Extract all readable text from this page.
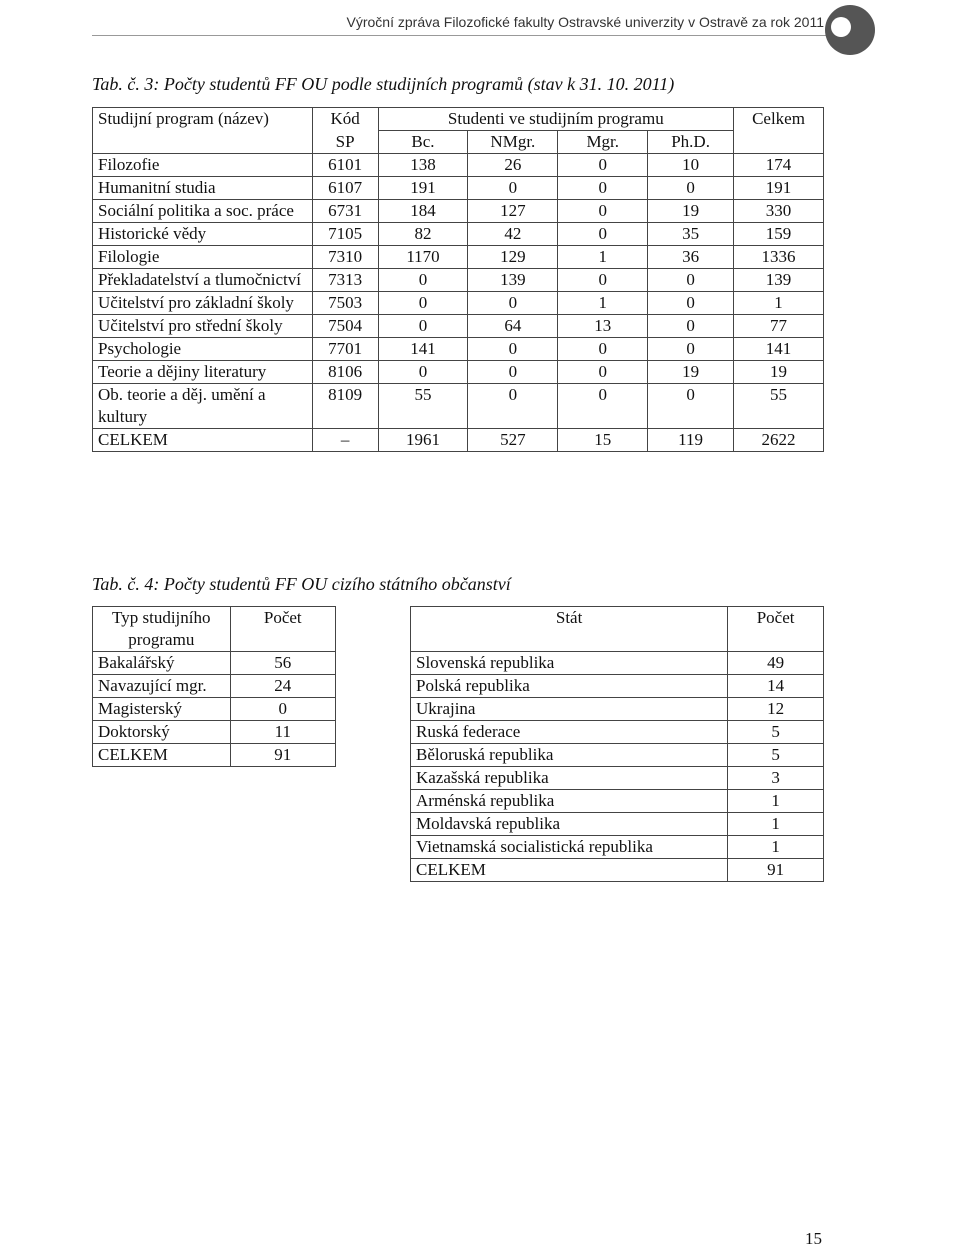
Výroční zpráva Filozofické fakulty Ostravské univerzity v Ostravě za rok 2011
Tab. č. 3: Počty studentů FF OU podle studijních programů (stav k 31. 10. 2011)
Studijní program (název)	Kód	Studenti ve studijním programu				Celkem
	SP	Bc.	NMgr.	Mgr.	Ph.D.	
Filozofie	6101	138	26	0	10	174
Humanitní studia	6107	191	0	0	0	191
Sociální politika a soc. práce	6731	184	127	0	19	330
Historické vědy	7105	82	42	0	35	159
Filologie	7310	1170	129	1	36	1336
Překladatelství a tlumočnictví	7313	0	139	0	0	139
Učitelství pro základní školy	7503	0	0	1	0	1
Učitelství pro střední školy	7504	0	64	13	0	77
Psychologie	7701	141	0	0	0	141
Teorie a dějiny literatury	8106	0	0	0	19	19
Ob. teorie a děj. umění a kultury	8109	55	0	0	0	55
CELKEM	–	1961	527	15	119	2622
Tab. č. 4: Počty studentů FF OU cizího státního občanství
Typ studijního programu	Počet
Bakalářský	56
Navazující mgr.	24
Magisterský	0
Doktorský	11
CELKEM	91
Stát	Počet
Slovenská republika	49
Polská republika	14
Ukrajina	12
Ruská federace	5
Běloruská republika	5
Kazašská republika	3
Arménská republika	1
Moldavská republika	1
Vietnamská socialistická republika	1
CELKEM	91
15
